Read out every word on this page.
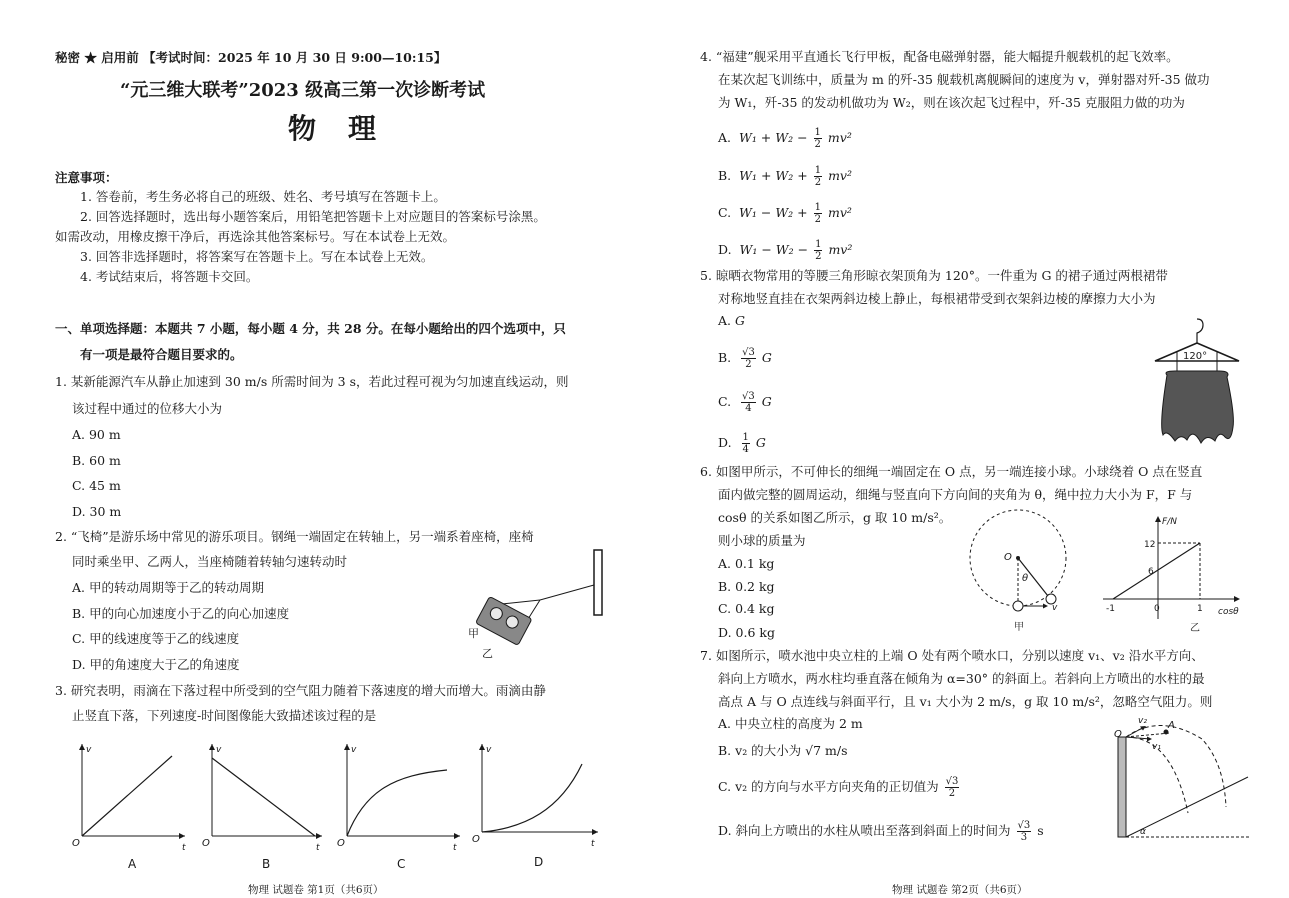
秘密 ★ 启用前 【考试时间：2025 年 10 月 30 日 9:00—10:15】
“元三维大联考”2023 级高三第一次诊断考试
物理
注意事项：
1. 答卷前，考生务必将自己的班级、姓名、考号填写在答题卡上。
2. 回答选择题时，选出每小题答案后，用铅笔把答题卡上对应题目的答案标号涂黑。
如需改动，用橡皮擦干净后，再选涂其他答案标号。写在本试卷上无效。
3. 回答非选择题时，将答案写在答题卡上。写在本试卷上无效。
4. 考试结束后，将答题卡交回。
一、单项选择题：本题共 7 小题，每小题 4 分，共 28 分。在每小题给出的四个选项中，只
有一项是最符合题目要求的。
1. 某新能源汽车从静止加速到 30 m/s 所需时间为 3 s，若此过程可视为匀加速直线运动，则
该过程中通过的位移大小为
A. 90 m
B. 60 m
C. 45 m
D. 30 m
2. “飞椅”是游乐场中常见的游乐项目。钢绳一端固定在转轴上，另一端系着座椅，座椅
同时乘坐甲、乙两人，当座椅随着转轴匀速转动时
A. 甲的转动周期等于乙的转动周期
B. 甲的向心加速度小于乙的向心加速度
C. 甲的线速度等于乙的线速度
D. 甲的角速度大于乙的角速度
甲
乙
3. 研究表明，雨滴在下落过程中所受到的空气阻力随着下落速度的增大而增大。雨滴由静
止竖直下落，下列速度-时间图像能大致描述该过程的是
v
O	t
A
v
O	t
B
v
O	t
C
v
O	t
D
物理 试题卷 第1页（共6页）
4. “福建”舰采用平直通长飞行甲板，配备电磁弹射器，能大幅提升舰载机的起飞效率。
在某次起飞训练中，质量为 m 的歼-35 舰载机离舰瞬间的速度为 v，弹射器对歼-35 做功
为 W₁，歼-35 的发动机做功为 W₂，则在该次起飞过程中，歼-35 克服阻力做的功为
A. $W_1 + W_2 - \frac{1}{2} mv^2$
B. $W_1 + W_2 + \frac{1}{2} mv^2$
C. $W_1 - W_2 + \frac{1}{2} mv^2$
D. $W_1 - W_2 - \frac{1}{2} mv^2$
5. 晾晒衣物常用的等腰三角形晾衣架顶角为 120°。一件重为 G 的裙子通过两根裙带
对称地竖直挂在衣架两斜边棱上静止，每根裙带受到衣架斜边棱的摩擦力大小为
A. G
B. $\frac{√3}{2}$ G
C. $\frac{√3}{4}$ G
D. $\frac{1}{4}$ G
120°
6. 如图甲所示，不可伸长的细绳一端固定在 O 点，另一端连接小球。小球绕着 O 点在竖直
面内做完整的圆周运动，细绳与竖直向下方向间的夹角为 θ，绳中拉力大小为 F，F 与
cosθ 的关系如图乙所示，g 取 10 m/s²。
则小球的质量为
A. 0.1 kg
B. 0.2 kg
C. 0.4 kg
D. 0.6 kg
O
θ
v
甲
F/N
12
6
-1	0	1 cosθ
乙
7. 如图所示，喷水池中央立柱的上端 O 处有两个喷水口，分别以速度 v₁、v₂ 沿水平方向、
斜向上方喷水，两水柱均垂直落在倾角为 α=30° 的斜面上。若斜向上方喷出的水柱的最
高点 A 与 O 点连线与斜面平行，且 v₁ 大小为 2 m/s，g 取 10 m/s²，忽略空气阻力。则
A. 中央立柱的高度为 2 m
B. v₂ 的大小为 √7 m/s
C. v₂ 的方向与水平方向夹角的正切值为 $\frac{√3}{2}$
D. 斜向上方喷出的水柱从喷出至落到斜面上的时间为 $\frac{√3}{3}$ s
O
A
v₂
v₁
α
物理 试题卷 第2页（共6页）
